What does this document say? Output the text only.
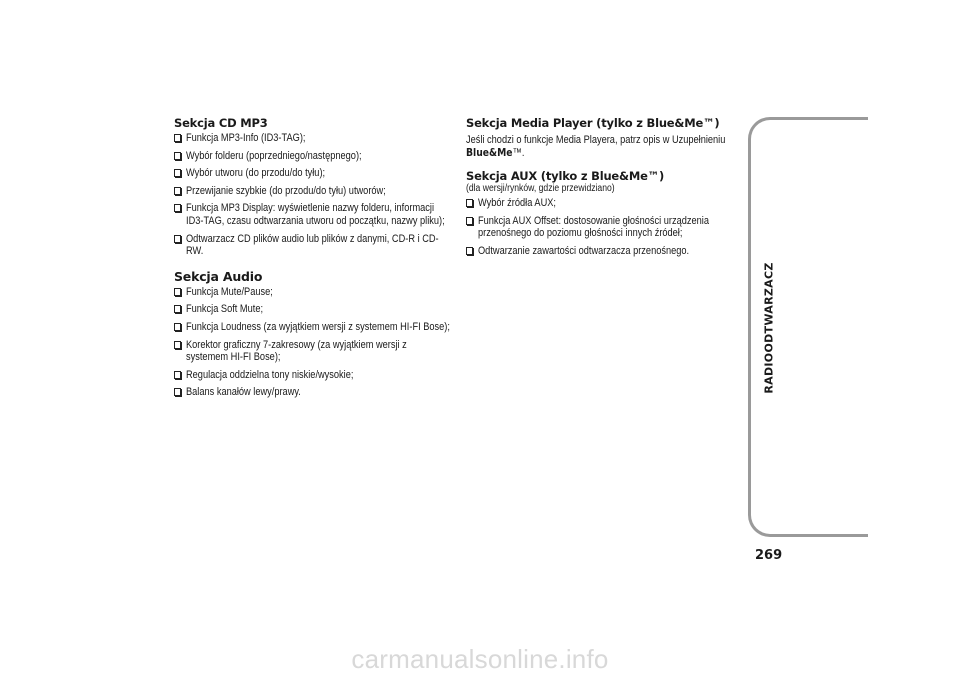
Sekcja CD MP3

Funkcja MP3-Info (ID3-TAG);
Wybór folderu (poprzedniego/następnego);
Wybór utworu (do przodu/do tyłu);
Przewijanie szybkie (do przodu/do tyłu) utworów;
Funkcja MP3 Display: wyświetlenie nazwy folderu, informacji
ID3-TAG, czasu odtwarzania utworu od początku, nazwy pliku);
Odtwarzacz CD plików audio lub plików z danymi, CD-R i CD-
RW.

Sekcja Audio

Funkcja Mute/Pause;
Funkcja Soft Mute;
Funkcja Loudness (za wyjątkiem wersji z systemem HI-FI Bose);
Korektor graficzny 7-zakresowy (za wyjątkiem wersji z
systemem HI-FI Bose);
Regulacja oddzielna tony niskie/wysokie;
Balans kanałów lewy/prawy.

Sekcja Media Player (tylko z Blue&Me™)

Jeśli chodzi o funkcje Media Playera, patrz opis w Uzupełnieniu
Blue&Me™.

Sekcja AUX (tylko z Blue&Me™)

(dla wersji/rynków, gdzie przewidziano)

Wybór źródła AUX;
Funkcja AUX Offset: dostosowanie głośności urządzenia
przenośnego do poziomu głośności innych źródeł;
Odtwarzanie zawartości odtwarzacza przenośnego.
RADIOODTWARZACZ
269
carmanualsonline.info
